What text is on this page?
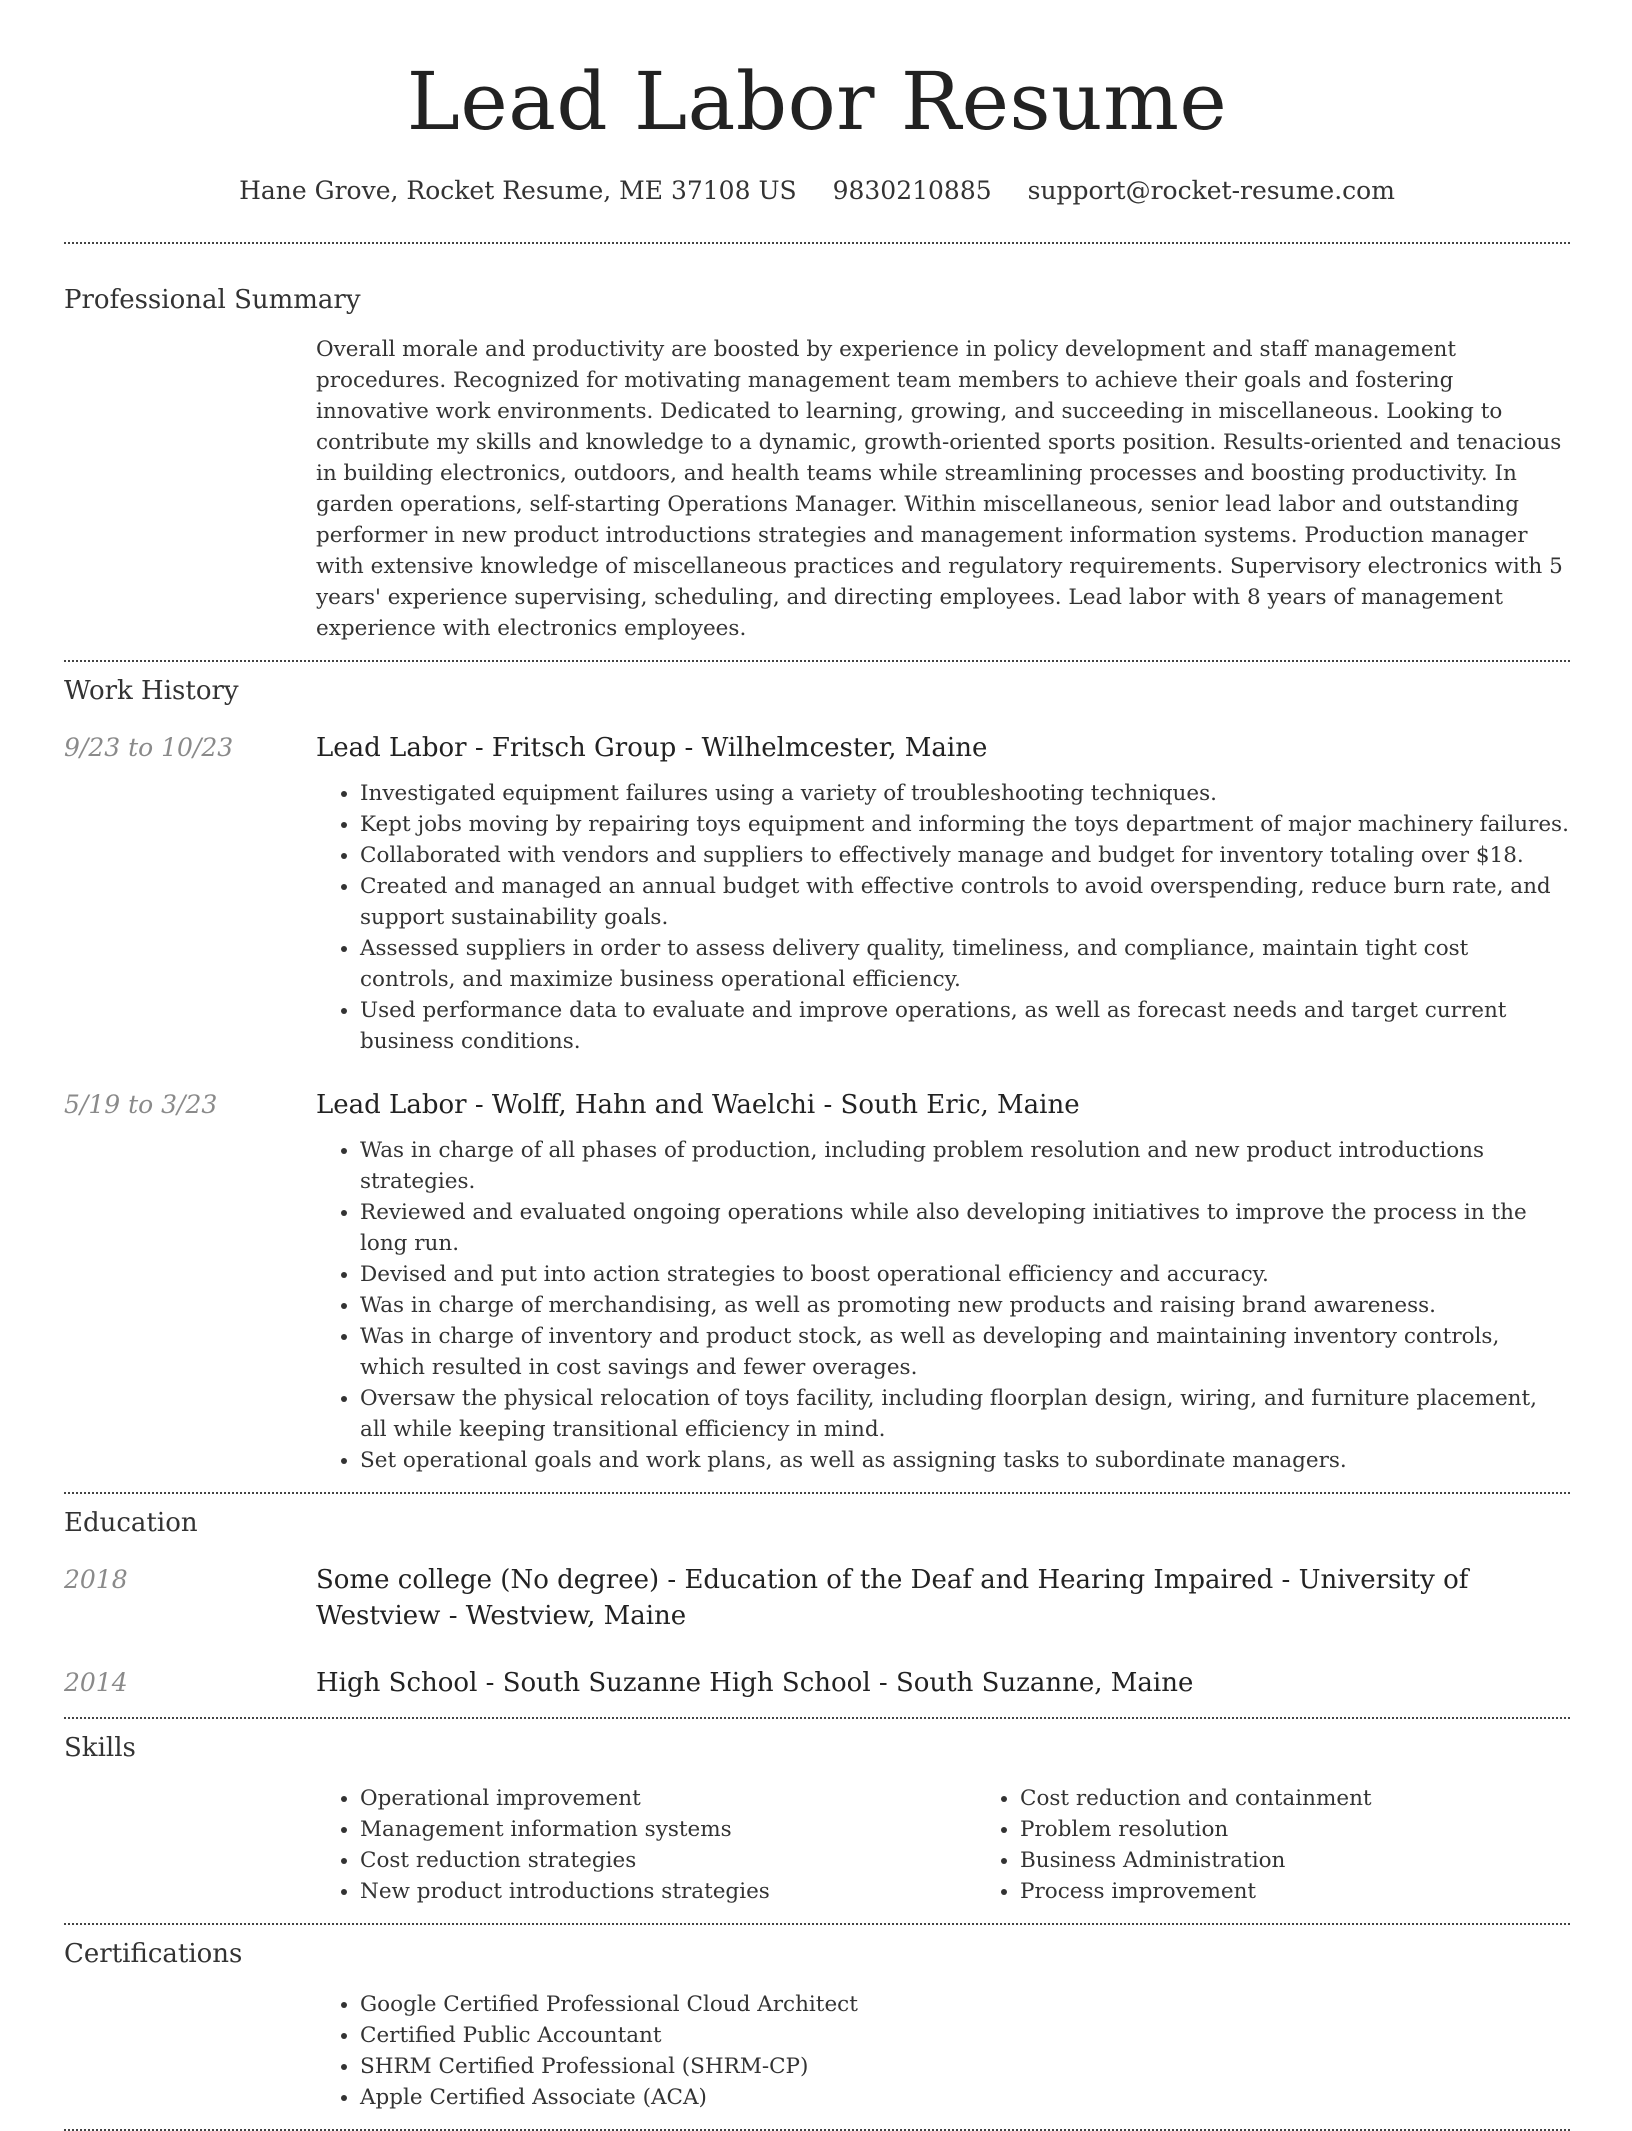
Lead Labor Resume
Hane Grove, Rocket Resume, ME 37108 US 9830210885 support@rocket-resume.com
Professional Summary

Overall morale and productivity are boosted by experience in policy development and staff management procedures. Recognized for motivating management team members to achieve their goals and fostering innovative work environments. Dedicated to learning, growing, and succeeding in miscellaneous. Looking to contribute my skills and knowledge to a dynamic, growth-oriented sports position. Results-oriented and tenacious in building electronics, outdoors, and health teams while streamlining processes and boosting productivity. In garden operations, self-starting Operations Manager. Within miscellaneous, senior lead labor and outstanding performer in new product introductions strategies and management information systems. Production manager with extensive knowledge of miscellaneous practices and regulatory requirements. Supervisory electronics with 5 years' experience supervising, scheduling, and directing employees. Lead labor with 8 years of management experience with electronics employees.

Work History
9/23 to 10/23	Lead Labor - Fritsch Group - Wilhelmcester, Maine
• Investigated equipment failures using a variety of troubleshooting techniques.
• Kept jobs moving by repairing toys equipment and informing the toys department of major machinery failures.
• Collaborated with vendors and suppliers to effectively manage and budget for inventory totaling over $18.
• Created and managed an annual budget with effective controls to avoid overspending, reduce burn rate, and support sustainability goals.
• Assessed suppliers in order to assess delivery quality, timeliness, and compliance, maintain tight cost controls, and maximize business operational efficiency.
• Used performance data to evaluate and improve operations, as well as forecast needs and target current business conditions.
5/19 to 3/23	Lead Labor - Wolff, Hahn and Waelchi - South Eric, Maine
• Was in charge of all phases of production, including problem resolution and new product introductions strategies.
• Reviewed and evaluated ongoing operations while also developing initiatives to improve the process in the long run.
• Devised and put into action strategies to boost operational efficiency and accuracy.
• Was in charge of merchandising, as well as promoting new products and raising brand awareness.
• Was in charge of inventory and product stock, as well as developing and maintaining inventory controls, which resulted in cost savings and fewer overages.
• Oversaw the physical relocation of toys facility, including floorplan design, wiring, and furniture placement, all while keeping transitional efficiency in mind.
• Set operational goals and work plans, as well as assigning tasks to subordinate managers.
Education
2018	Some college (No degree) - Education of the Deaf and Hearing Impaired - University of Westview - Westview, Maine
2014	High School - South Suzanne High School - South Suzanne, Maine
Skills
• Operational improvement
• Management information systems
• Cost reduction strategies
• New product introductions strategies
• Cost reduction and containment
• Problem resolution
• Business Administration
• Process improvement
Certifications
• Google Certified Professional Cloud Architect
• Certified Public Accountant
• SHRM Certified Professional (SHRM-CP)
• Apple Certified Associate (ACA)
